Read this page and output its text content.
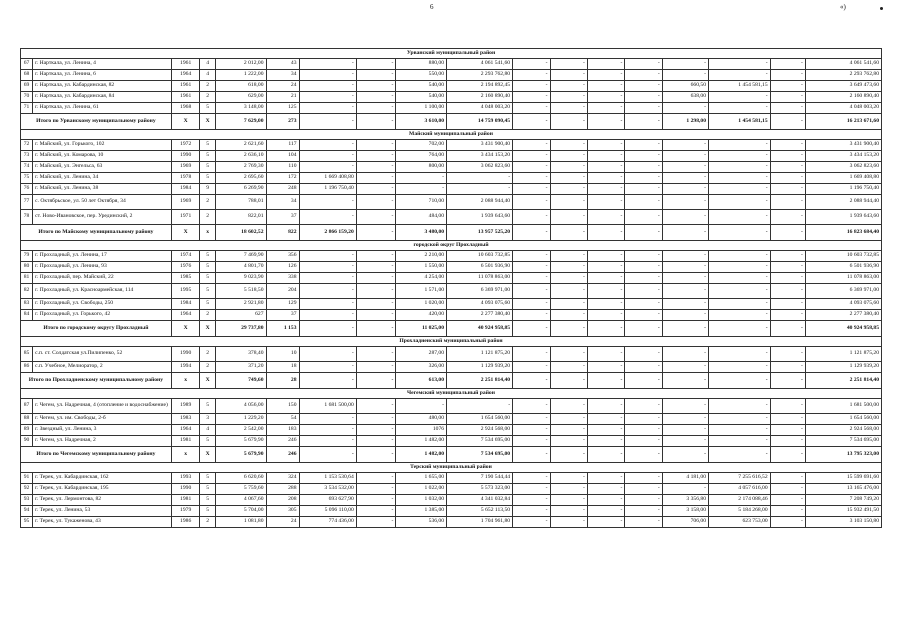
6	«)
Урванский муниципальный район																	
67	г. Нарткала, ул. Ленина, 4	1961	4	2 012,00	43	-	-	880,00	4 061 541,60	-	-	-	-	-	-	-	4 061 541,60
68	г. Нарткала, ул. Ленина, 6	1964	4	1 222,00	34	-	-	550,00	2 293 762,80	-	-	-	-	-	-	-	2 293 762,80
69	г. Нарткала, ул. Кабардинская, 82	1961	2	618,00	24	-	-	540,00	2 194 892,45	-	-	-	-	660,50	1 454 581,15	-	3 649 473,60
70	г. Нарткала, ул. Кабардинская, 84	1961	2	629,00	21	-	-	540,00	2 160 890,40	-	-	-	-	638,00	-	-	2 160 890,40
71	г. Нарткала, ул. Ленина, 61	1968	5	3 148,00	125	-	-	1 100,00	4 048 003,20	-	-	-	-	-	-	-	4 048 003,20
Итого по Урванскому муниципальному району		X	X	7 629,00	273	-	-	3 610,00	14 759 090,45	-	-	-	-	1 298,00	1 454 581,15	-	16 213 671,60
Майский муниципальный район																	
72	г. Майский, ул. Горького, 102	1972	5	2 621,60	117	-	-	702,00	3 431 900,40	-	-	-	-	-	-	-	3 431 900,40
73	г. Майский, ул. Комарова, 10	1990	5	2 636,10	104	-	-	764,00	3 434 153,20	-	-	-	-	-	-	-	3 434 153,20
74	г. Майский, ул. Энгельса, 63	1969	5	2 769,30	110	-	-	800,00	3 062 823,60	-	-	-	-	-	-	-	3 062 823,60
75	г. Майский, ул. Ленина, 34	1978	5	2 695,60	172	1 669 408,80	-	-	-	-	-	-	-	-	-	-	1 669 408,80
76	г. Майский, ул. Ленина, 38	1984	9	6 269,90	248	1 196 750,40	-	-	-	-	-	-	-	-	-	-	1 196 750,40
77	с. Октябрьское, ул. 50 лет Октября, 34	1969	2	788,01	34	-	-	710,00	2 088 944,40	-	-	-	-	-	-	-	2 088 944,40
78	ст. Ново-Ивановское, пер. Урединский, 2	1971	2	822,01	37	-	-	484,00	1 939 643,60	-	-	-	-	-	-	-	1 939 643,60
Итого по Майскому муниципальному району		X	x	18 602,52	822	2 866 159,20	-	3 480,00	13 957 525,20	-	-	-	-	-	-	-	16 823 684,40
городской округ Прохладный																	
79	г. Прохладный, ул. Ленина, 17	1974	5	7 469,90	356	-	-	2 210,00	10 603 732,85	-	-	-	-	-	-	-	10 603 732,85
80	г. Прохладный, ул. Ленина, 93	1976	5	4 801,70	126	-	-	1 550,00	6 501 936,90	-	-	-	-	-	-	-	6 501 936,90
81	г. Прохладный, пер. Майский, 22	1985	5	9 023,90	338	-	-	4 254,00	11 078 863,00	-	-	-	-	-	-	-	11 078 863,00
82	г. Прохладный, ул. Красноармейская, 114	1995	5	5 518,50	204	-	-	1 571,00	6 369 971,00	-	-	-	-	-	-	-	6 369 971,00
83	г. Прохладный, ул. Свободы, 250	1984	5	2 921,80	129	-	-	1 020,00	4 093 075,60	-	-	-	-	-	-	-	4 093 075,60
84	г. Прохладный, ул. Горького, 42	1964	2	627	37	-	-	420,00	2 277 380,40	-	-	-	-	-	-	-	2 277 380,40
Итого по городскому округу Прохладный		X	X	29 737,80	1 153	-	-	11 025,00	40 924 958,85	-	-	-	-	-	-	-	40 924 958,85
Прохладненский муниципальный район																	
85	с.п. ст. Солдатская ул.Пилипенко, 52	1990	2	378,40	10	-	-	287,00	1 121 875,20	-	-	-	-	-	-	-	1 121 875,20
86	с.п. Учебное, Мелиоратор, 2	1994	2	371,20	18	-	-	326,00	1 129 939,20	-	-	-	-	-	-	-	1 129 939,20
Итого по Прохладненскому муниципальному району		x	X	749,60	28	-	-	613,00	2 251 814,40	-	-	-	-	-	-	-	2 251 814,40
Чегемский муниципальный район																	
87	г. Чегем, ул. Надречная, 4 (отопление и водоснабжение)	1989	5	4 056,00	150	1 681 500,00	-	-	-	-	-	-	-	-	-	-	1 681 500,00
88	г. Чегем, ул. им. Свободы, 2-б	1983	3	1 229,20	54	-	-	480,00	1 654 560,00	-	-	-	-	-	-	-	1 654 560,00
89	г. Звездный, ул. Ленина, 3	1964	4	2 542,00	183	-	-	1076	2 924 568,00	-	-	-	-	-	-	-	2 924 568,00
90	г. Чегем, ул. Надречная, 2	1981	5	5 679,90	246	-	-	1 482,00	7 534 695,00	-	-	-	-	-	-	-	7 534 695,00
Итого по Чегемскому муниципальному району		x	X	5 679,90	246	-	-	1 482,00	7 534 695,00	-	-	-	-	-	-	-	13 795 323,00
Терский муниципальный район																	
91	г. Терек, ул. Кабардинская, 162	1993	5	6 620,60	324	1 153 530,64	-	1 655,00	7 190 544,44	-	-	-	-	4 181,00	7 255 616,52	-	15 599 691,60
92	г. Терек, ул. Кабардинская, 195	1990	5	5 759,60	288	3 534 532,00	-	1 022,00	5 573 323,00	-	-	-	-	-	4 057 616,00	-	13 165 476,00
93	г. Терек, ул. Лермонтова, 82	1981	5	4 067,60	208	693 627,90	-	1 032,00	4 341 032,84	-	-	-	-	3 356,80	2 174 088,46	-	7 208 749,20
94	г. Терек, ул. Ленина, 53	1979	5	5 704,00	305	5 096 110,00	-	1 385,00	5 652 113,50	-	-	-	-	3 158,00	5 184 268,00	-	15 932 491,50
95	г. Терек, ул. Тукаженова, 43	1986	2	1 081,80	24	774 436,00	-	536,00	1 704 961,80	-	-	-	-	706,00	623 753,00	-	3 103 150,80
